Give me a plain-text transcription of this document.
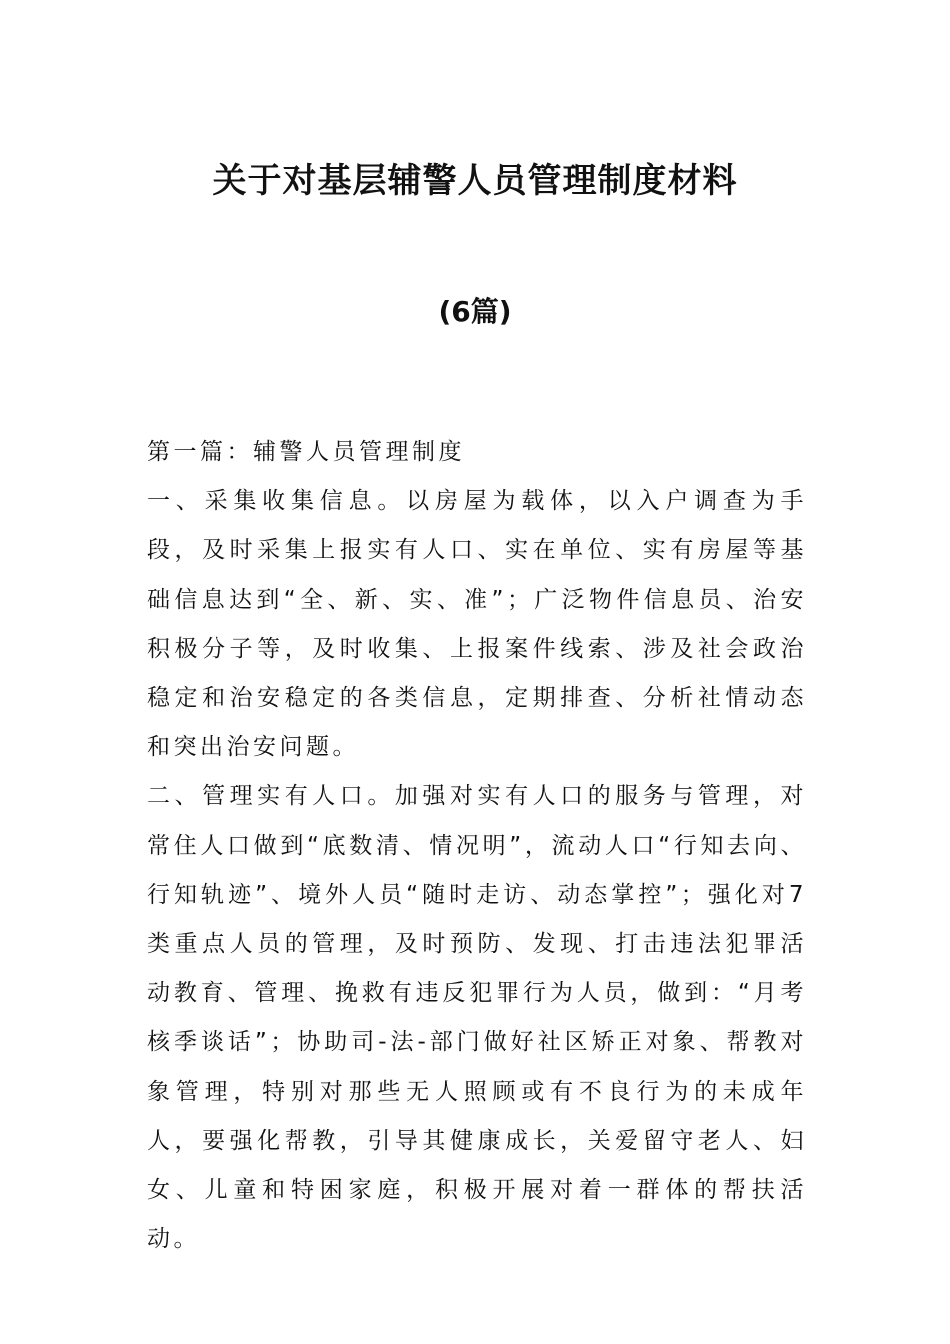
关于对基层辅警人员管理制度材料
(6篇)

第一篇：辅警人员管理制度

一、采集收集信息。以房屋为载体，以入户调查为手段，及时采集上报实有人口、实在单位、实有房屋等基础信息达到“全、新、实、准”；广泛物件信息员、治安积极分子等，及时收集、上报案件线索、涉及社会政治稳定和治安稳定的各类信息，定期排查、分析社情动态和突出治安问题。

二、管理实有人口。加强对实有人口的服务与管理，对常住人口做到“底数清、情况明”，流动人口“行知去向、行知轨迹”、境外人员“随时走访、动态掌控”；强化对7类重点人员的管理，及时预防、发现、打击违法犯罪活动教育、管理、挽救有违反犯罪行为人员，做到：“月考核季谈话”；协助司-法-部门做好社区矫正对象、帮教对象管理，特别对那些无人照顾或有不良行为的未成年人，要强化帮教，引导其健康成长，关爱留守老人、妇女、儿童和特困家庭，积极开展对着一群体的帮扶活动。
